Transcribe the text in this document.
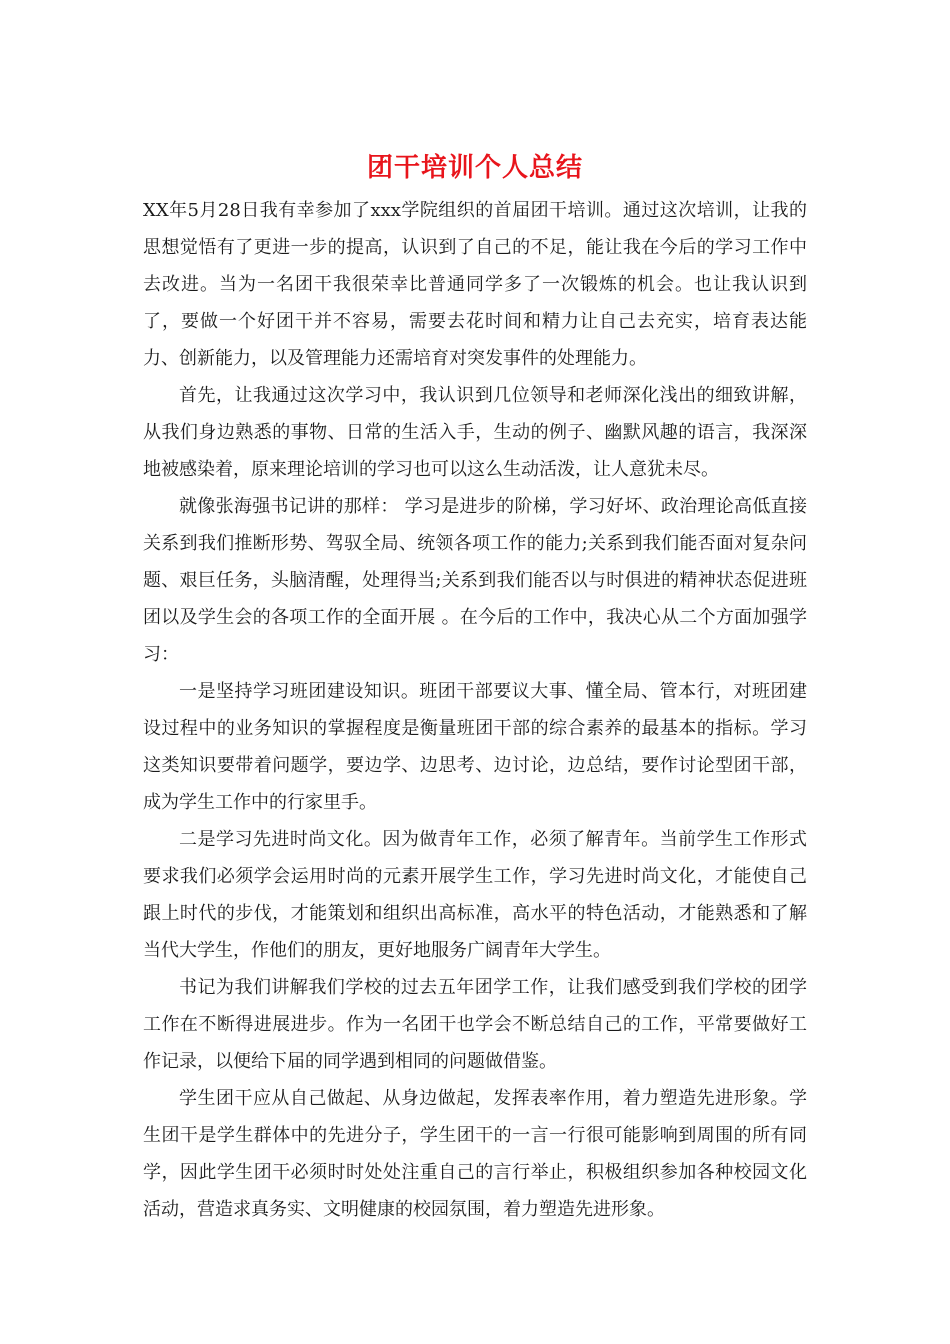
团干培训个人总结

XX年5月28日我有幸参加了xxx学院组织的首届团干培训。通过这次培训，让我的思想觉悟有了更进一步的提高，认识到了自己的不足，能让我在今后的学习工作中去改进。当为一名团干我很荣幸比普通同学多了一次锻炼的机会。也让我认识到了，要做一个好团干并不容易，需要去花时间和精力让自己去充实，培育表达能力、创新能力，以及管理能力还需培育对突发事件的处理能力。

首先，让我通过这次学习中，我认识到几位领导和老师深化浅出的细致讲解，从我们身边熟悉的事物、日常的生活入手，生动的例子、幽默风趣的语言，我深深地被感染着，原来理论培训的学习也可以这么生动活泼，让人意犹未尽。

就像张海强书记讲的那样： 学习是进步的阶梯，学习好坏、政治理论高低直接关系到我们推断形势、驾驭全局、统领各项工作的能力;关系到我们能否面对复杂问题、艰巨任务，头脑清醒，处理得当;关系到我们能否以与时俱进的精神状态促进班团以及学生会的各项工作的全面开展 。在今后的工作中，我决心从二个方面加强学习：

一是坚持学习班团建设知识。班团干部要议大事、懂全局、管本行，对班团建设过程中的业务知识的掌握程度是衡量班团干部的综合素养的最基本的指标。学习这类知识要带着问题学，要边学、边思考、边讨论，边总结，要作讨论型团干部，成为学生工作中的行家里手。

二是学习先进时尚文化。因为做青年工作，必须了解青年。当前学生工作形式要求我们必须学会运用时尚的元素开展学生工作，学习先进时尚文化，才能使自己跟上时代的步伐，才能策划和组织出高标准，高水平的特色活动，才能熟悉和了解当代大学生，作他们的朋友，更好地服务广阔青年大学生。

书记为我们讲解我们学校的过去五年团学工作，让我们感受到我们学校的团学工作在不断得进展进步。作为一名团干也学会不断总结自己的工作，平常要做好工作记录，以便给下届的同学遇到相同的问题做借鉴。

学生团干应从自己做起、从身边做起，发挥表率作用，着力塑造先进形象。学生团干是学生群体中的先进分子，学生团干的一言一行很可能影响到周围的所有同学，因此学生团干必须时时处处注重自己的言行举止，积极组织参加各种校园文化活动，营造求真务实、文明健康的校园氛围，着力塑造先进形象。
